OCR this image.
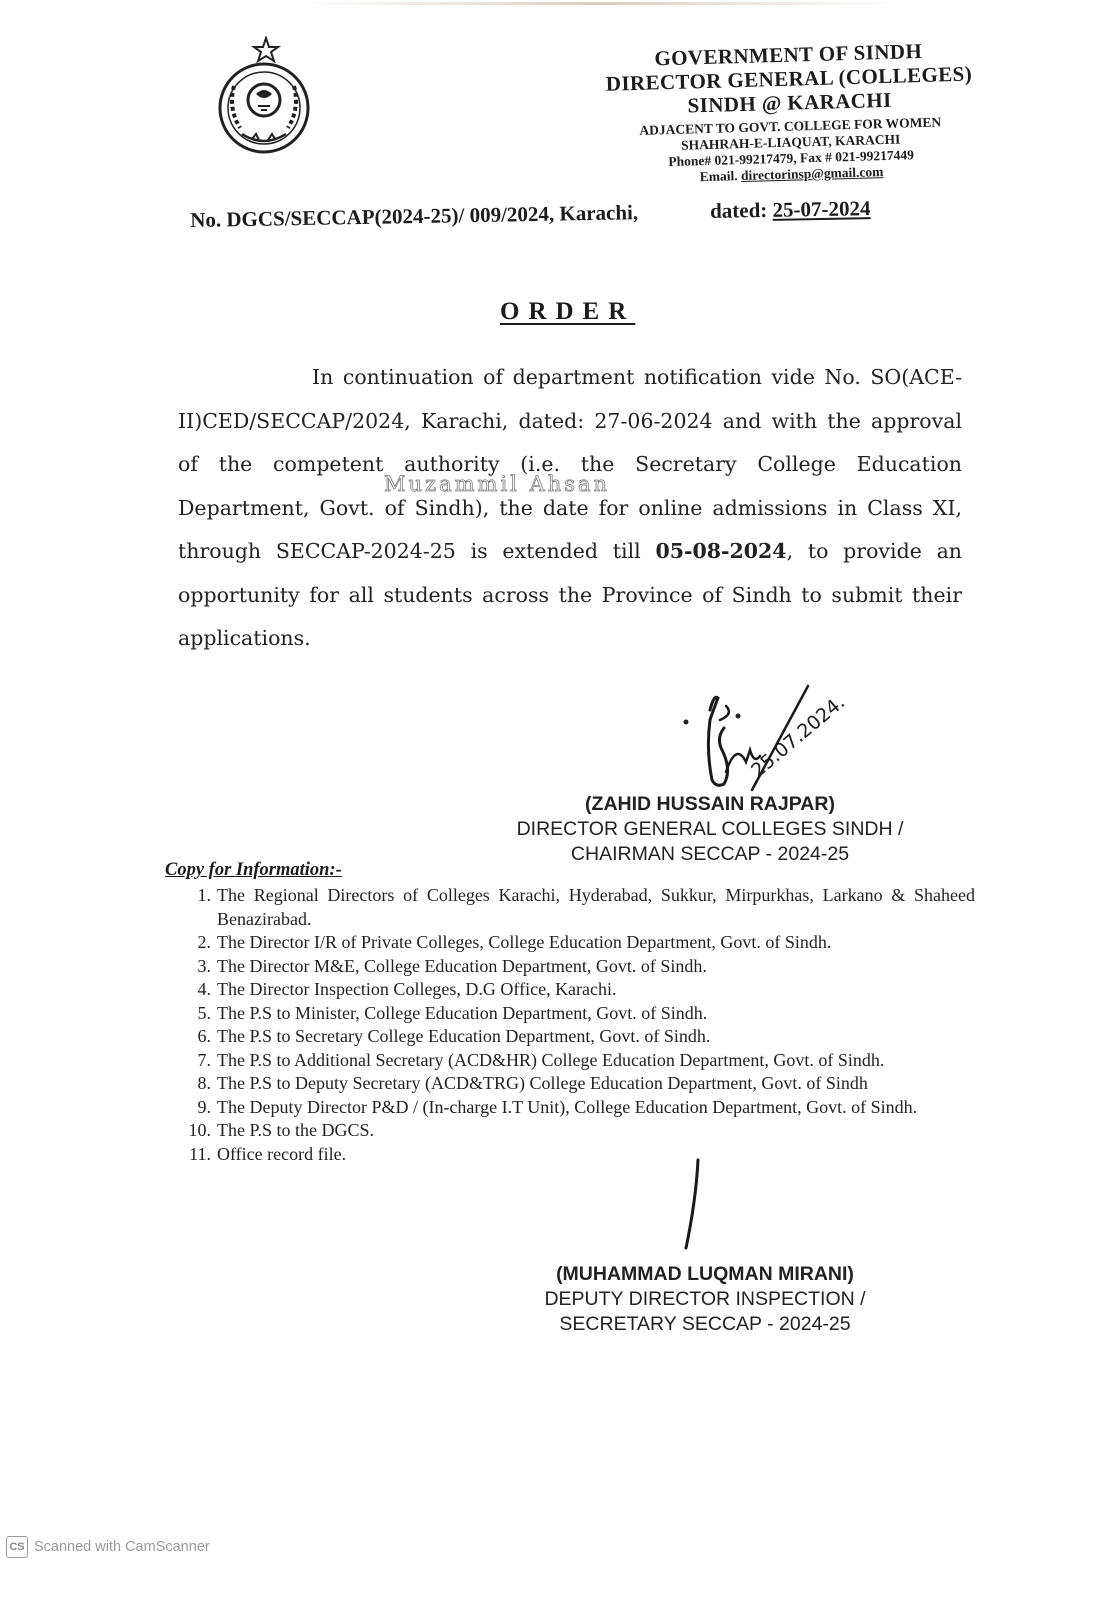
GOVERNMENT OF SINDH
DIRECTOR GENERAL (COLLEGES)
SINDH @ KARACHI
ADJACENT TO GOVT. COLLEGE FOR WOMEN
SHAHRAH-E-LIAQUAT, KARACHI
Phone# 021-99217479, Fax # 021-99217449
Email. directorinsp@gmail.com
No. DGCS/SECCAP(2024-25)/ 009/2024, Karachi,	dated: 25-07-2024
ORDER
In continuation of department notification vide No. SO(ACE-II)CED/SECCAP/2024, Karachi, dated: 27-06-2024 and with the approval of the competent authority (i.e. the Secretary College Education Department, Govt. of Sindh), the date for online admissions in Class XI, through SECCAP-2024-25 is extended till 05-08-2024, to provide an opportunity for all students across the Province of Sindh to submit their applications.
Muzammil Ahsan
25.07.2024.
(ZAHID HUSSAIN RAJPAR)
DIRECTOR GENERAL COLLEGES SINDH /
CHAIRMAN SECCAP - 2024-25
Copy for Information:-
1. The Regional Directors of Colleges Karachi, Hyderabad, Sukkur, Mirpurkhas, Larkano & Shaheed Benazirabad.
2. The Director I/R of Private Colleges, College Education Department, Govt. of Sindh.
3. The Director M&E, College Education Department, Govt. of Sindh.
4. The Director Inspection Colleges, D.G Office, Karachi.
5. The P.S to Minister, College Education Department, Govt. of Sindh.
6. The P.S to Secretary College Education Department, Govt. of Sindh.
7. The P.S to Additional Secretary (ACD&HR) College Education Department, Govt. of Sindh.
8. The P.S to Deputy Secretary (ACD&TRG) College Education Department, Govt. of Sindh
9. The Deputy Director P&D / (In-charge I.T Unit), College Education Department, Govt. of Sindh.
10. The P.S to the DGCS.
11. Office record file.
(MUHAMMAD LUQMAN MIRANI)
DEPUTY DIRECTOR INSPECTION /
SECRETARY SECCAP - 2024-25
CS Scanned with CamScanner
